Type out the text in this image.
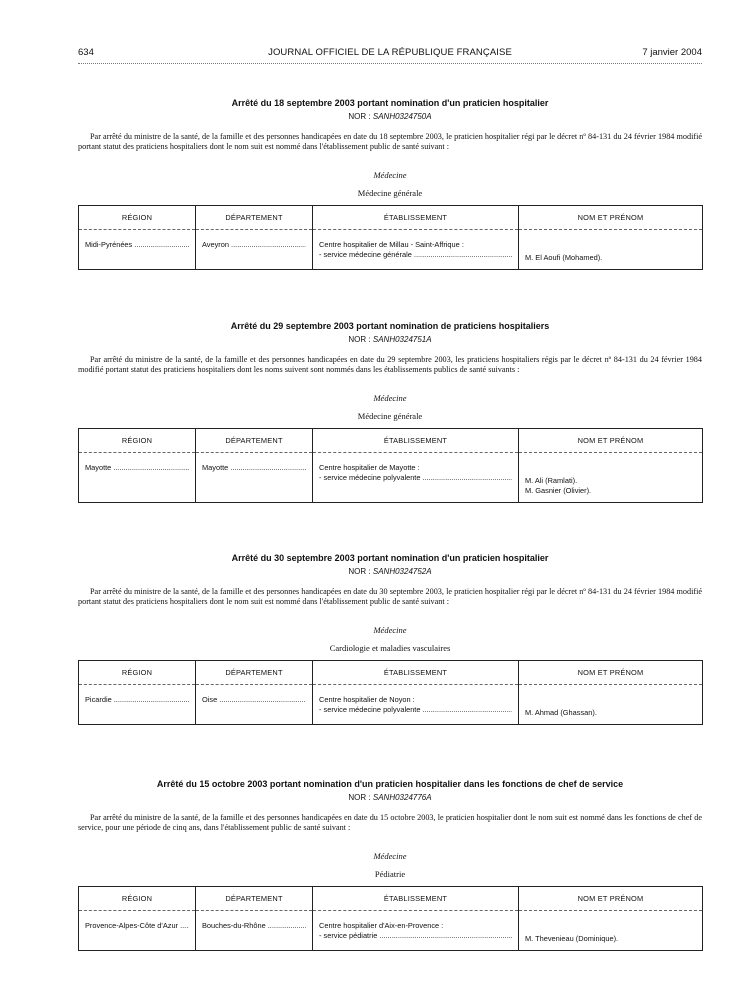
634	JOURNAL OFFICIEL DE LA RÉPUBLIQUE FRANÇAISE	7 janvier 2004
Arrêté du 18 septembre 2003 portant nomination d'un praticien hospitalier
NOR : SANH0324750A
Par arrêté du ministre de la santé, de la famille et des personnes handicapées en date du 18 septembre 2003, le praticien hospitalier régi par le décret nº 84-131 du 24 février 1984 modifié portant statut des praticiens hospitaliers dont le nom suit est nommé dans l'établissement public de santé suivant :
Médecine
Médecine générale
RÉGION	DÉPARTEMENT	ÉTABLISSEMENT	NOM ET PRÉNOM

Midi-Pyrénées .....	Aveyron .....	Centre hospitalier de Millau - Saint-Affrique :
- service médecine générale .....	M. El Aoufi (Mohamed).
Arrêté du 29 septembre 2003 portant nomination de praticiens hospitaliers
NOR : SANH0324751A
Par arrêté du ministre de la santé, de la famille et des personnes handicapées en date du 29 septembre 2003, les praticiens hospitaliers régis par le décret nº 84-131 du 24 février 1984 modifié portant statut des praticiens hospitaliers dont les noms suivent sont nommés dans les établissements publics de santé suivants :
Médecine
Médecine générale
RÉGION	DÉPARTEMENT	ÉTABLISSEMENT	NOM ET PRÉNOM

Mayotte .....	Mayotte .....	Centre hospitalier de Mayotte :
- service médecine polyvalente .....	M. Ali (Ramlati).
M. Gasnier (Olivier).
Arrêté du 30 septembre 2003 portant nomination d'un praticien hospitalier
NOR : SANH0324752A
Par arrêté du ministre de la santé, de la famille et des personnes handicapées en date du 30 septembre 2003, le praticien hospitalier régi par le décret nº 84-131 du 24 février 1984 modifié portant statut des praticiens hospitaliers dont le nom suit est nommé dans l'établissement public de santé suivant :
Médecine
Cardiologie et maladies vasculaires
RÉGION	DÉPARTEMENT	ÉTABLISSEMENT	NOM ET PRÉNOM

Picardie .....	Oise .....	Centre hospitalier de Noyon :
- service médecine polyvalente .....	M. Ahmad (Ghassan).
Arrêté du 15 octobre 2003 portant nomination d'un praticien hospitalier dans les fonctions de chef de service
NOR : SANH0324776A
Par arrêté du ministre de la santé, de la famille et des personnes handicapées en date du 15 octobre 2003, le praticien hospitalier dont le nom suit est nommé dans les fonctions de chef de service, pour une période de cinq ans, dans l'établissement public de santé suivant :
Médecine
Pédiatrie
RÉGION	DÉPARTEMENT	ÉTABLISSEMENT	NOM ET PRÉNOM

Provence-Alpes-Côte d'Azur .....	Bouches-du-Rhône .....	Centre hospitalier d'Aix-en-Provence :
- service pédiatrie .....	M. Thevenieau (Dominique).
